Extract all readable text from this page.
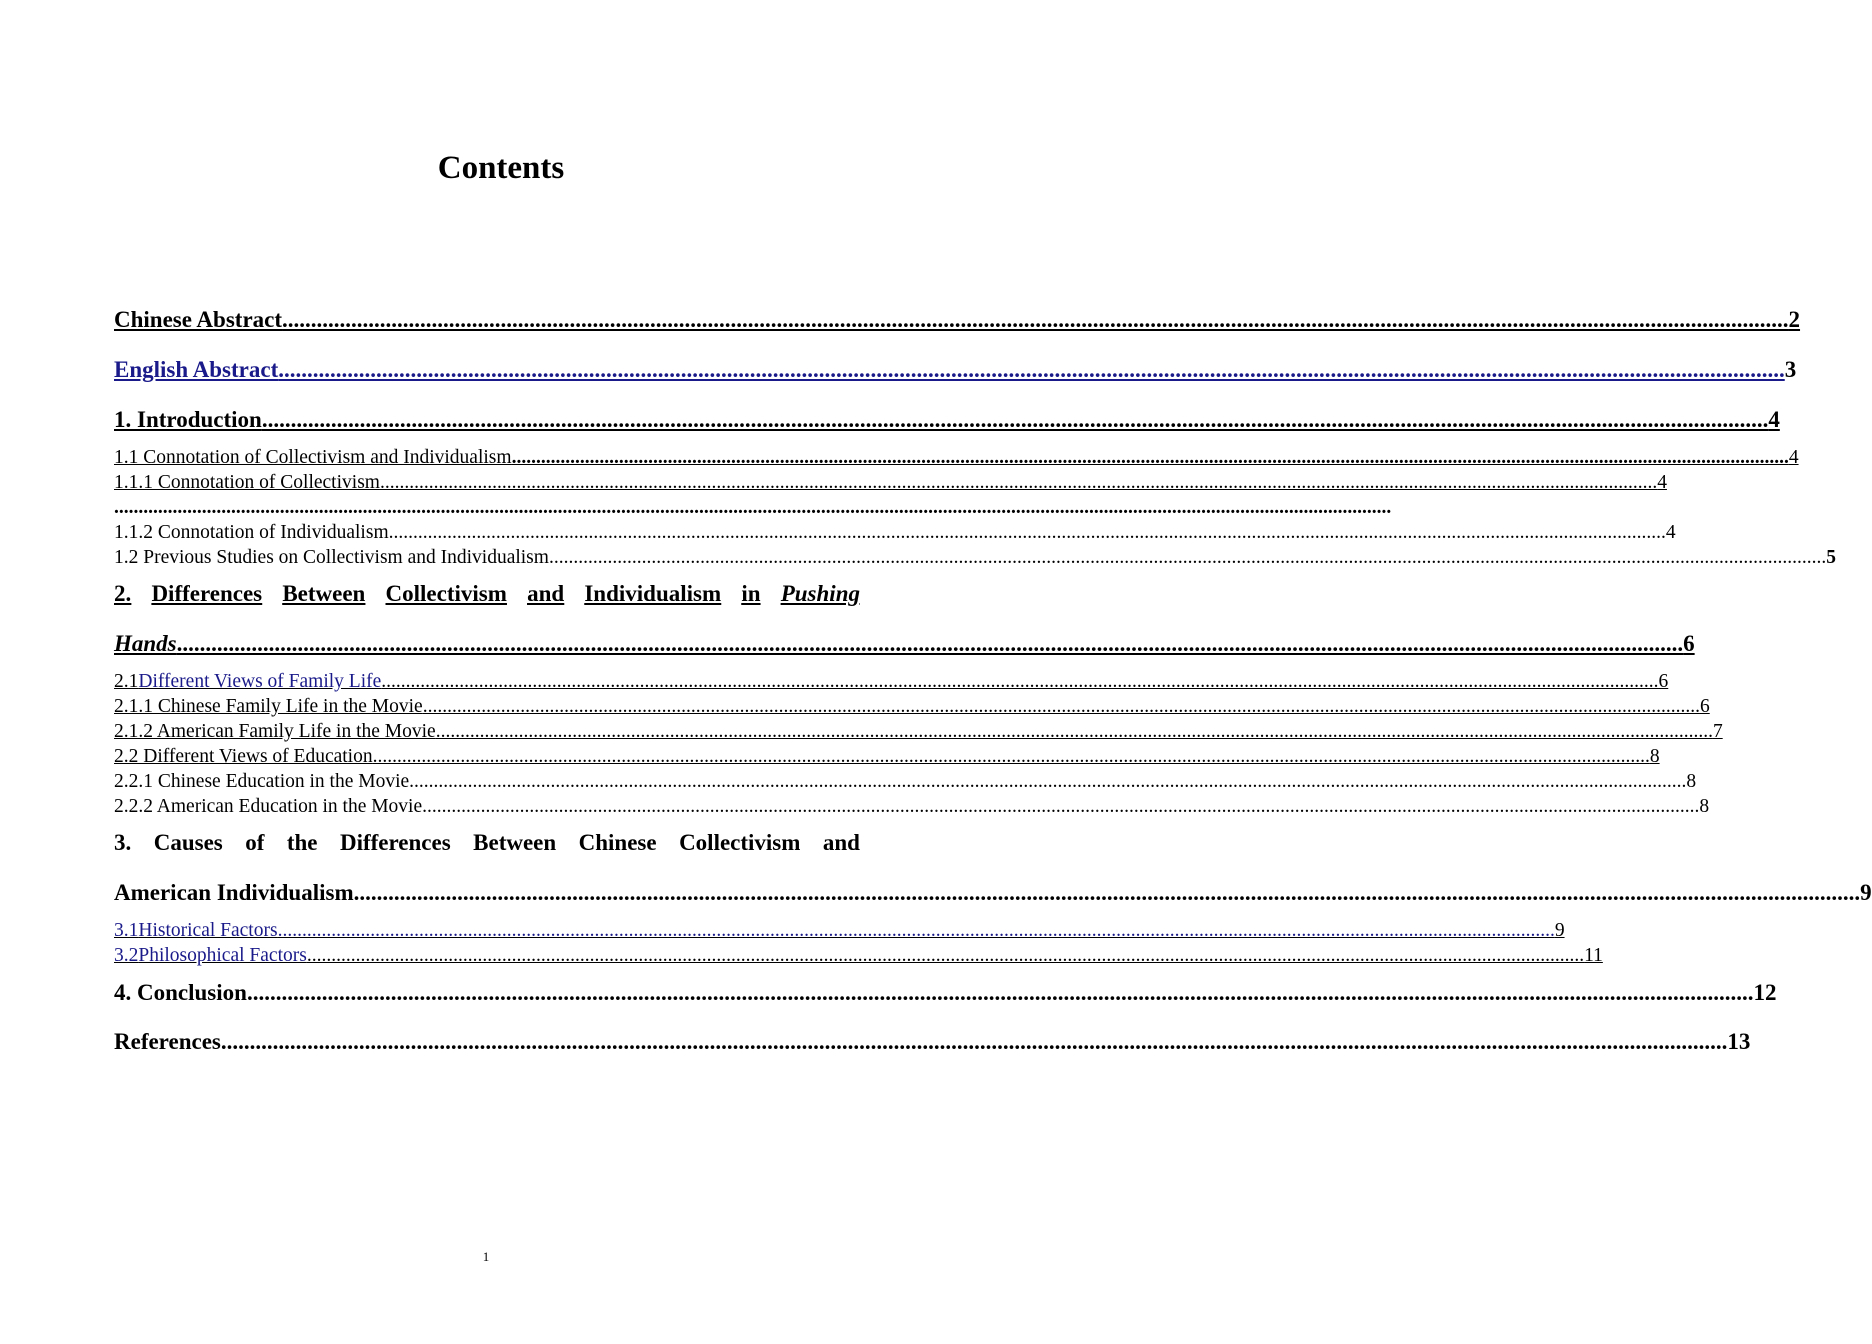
Contents
Chinese Abstract ...................................................................................................................................................................................................................................................................... 2
English Abstract ...................................................................................................................................................................................................................................................................... 3
1. Introduction ...................................................................................................................................................................................................................................................................... 4
1.1 Connotation of Collectivism and Individualism ...................................................................................................................................................................................................................................................................... 4
1.1.1 Connotation of Collectivism ...................................................................................................................................................................................................................................................................... 4
......................................................................................................................................................................................................................................................................
1.1.2 Connotation of Individualism ...................................................................................................................................................................................................................................................................... 4
1.2 Previous Studies on Collectivism and Individualism ...................................................................................................................................................................................................................................................................... 5
2. Differences Between Collectivism and Individualism in Pushing
Hands ...................................................................................................................................................................................................................................................................... 6
2.1 Different Views of Family Life ...................................................................................................................................................................................................................................................................... 6
2.1.1 Chinese Family Life in the Movie ...................................................................................................................................................................................................................................................................... 6
2.1.2 American Family Life in the Movie ...................................................................................................................................................................................................................................................................... 7
2.2 Different Views of Education ...................................................................................................................................................................................................................................................................... 8
2.2.1 Chinese Education in the Movie ...................................................................................................................................................................................................................................................................... 8
2.2.2 American Education in the Movie ...................................................................................................................................................................................................................................................................... 8
3. Causes of the Differences Between Chinese Collectivism and
American Individualism ...................................................................................................................................................................................................................................................................... 9
3.1 Historical Factors ...................................................................................................................................................................................................................................................................... 9
3.2 Philosophical Factors ...................................................................................................................................................................................................................................................................... 11
4. Conclusion ...................................................................................................................................................................................................................................................................... 12
References ...................................................................................................................................................................................................................................................................... 13
1
